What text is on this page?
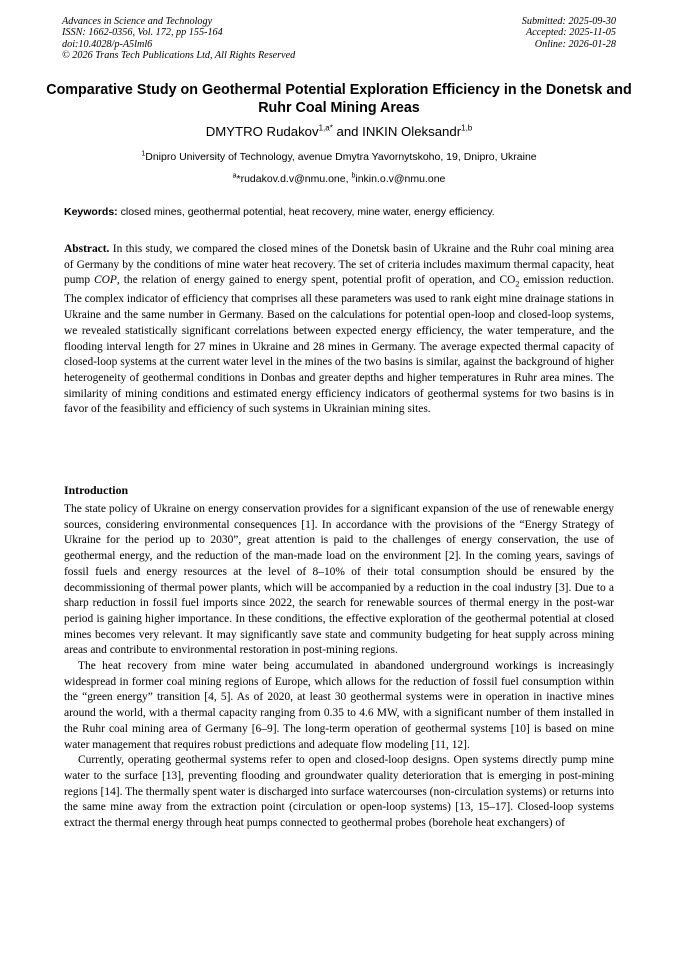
Advances in Science and Technology
ISSN: 1662-0356, Vol. 172, pp 155-164
doi:10.4028/p-A5lml6
© 2026 Trans Tech Publications Ltd, All Rights Reserved
Submitted: 2025-09-30
Accepted: 2025-11-05
Online: 2026-01-28
Comparative Study on Geothermal Potential Exploration Efficiency in the Donetsk and Ruhr Coal Mining Areas
DMYTRO Rudakov$^{1,a*}$ and INKIN Oleksandr$^{1,b}$
$^1$Dnipro University of Technology, avenue Dmytra Yavornytskoho, 19, Dnipro, Ukraine
$^a$*rudakov.d.v@nmu.one, $^b$inkin.o.v@nmu.one
Keywords: closed mines, geothermal potential, heat recovery, mine water, energy efficiency.
Abstract. In this study, we compared the closed mines of the Donetsk basin of Ukraine and the Ruhr coal mining area of Germany by the conditions of mine water heat recovery. The set of criteria includes maximum thermal capacity, heat pump COP, the relation of energy gained to energy spent, potential profit of operation, and $CO_2$ emission reduction. The complex indicator of efficiency that comprises all these parameters was used to rank eight mine drainage stations in Ukraine and the same number in Germany. Based on the calculations for potential open-loop and closed-loop systems, we revealed statistically significant correlations between expected energy efficiency, the water temperature, and the flooding interval length for 27 mines in Ukraine and 28 mines in Germany. The average expected thermal capacity of closed-loop systems at the current water level in the mines of the two basins is similar, against the background of higher heterogeneity of geothermal conditions in Donbas and greater depths and higher temperatures in Ruhr area mines. The similarity of mining conditions and estimated energy efficiency indicators of geothermal systems for two basins is in favor of the feasibility and efficiency of such systems in Ukrainian mining sites.
Introduction

The state policy of Ukraine on energy conservation provides for a significant expansion of the use of renewable energy sources, considering environmental consequences [1]. In accordance with the provisions of the “Energy Strategy of Ukraine for the period up to 2030”, great attention is paid to the challenges of energy conservation, the use of geothermal energy, and the reduction of the man-made load on the environment [2]. In the coming years, savings of fossil fuels and energy resources at the level of 8–10% of their total consumption should be ensured by the decommissioning of thermal power plants, which will be accompanied by a reduction in the coal industry [3]. Due to a sharp reduction in fossil fuel imports since 2022, the search for renewable sources of thermal energy in the post-war period is gaining higher importance. In these conditions, the effective exploration of the geothermal potential at closed mines becomes very relevant. It may significantly save state and community budgeting for heat supply across mining areas and contribute to environmental restoration in post-mining regions.

The heat recovery from mine water being accumulated in abandoned underground workings is increasingly widespread in former coal mining regions of Europe, which allows for the reduction of fossil fuel consumption within the “green energy” transition [4, 5]. As of 2020, at least 30 geothermal systems were in operation in inactive mines around the world, with a thermal capacity ranging from 0.35 to 4.6 MW, with a significant number of them installed in the Ruhr coal mining area of Germany [6–9]. The long-term operation of geothermal systems [10] is based on mine water management that requires robust predictions and adequate flow modeling [11, 12].

Currently, operating geothermal systems refer to open and closed-loop designs. Open systems directly pump mine water to the surface [13], preventing flooding and groundwater quality deterioration that is emerging in post-mining regions [14]. The thermally spent water is discharged into surface watercourses (non-circulation systems) or returns into the same mine away from the extraction point (circulation or open-loop systems) [13, 15–17]. Closed-loop systems extract the thermal energy through heat pumps connected to geothermal probes (borehole heat exchangers) of
